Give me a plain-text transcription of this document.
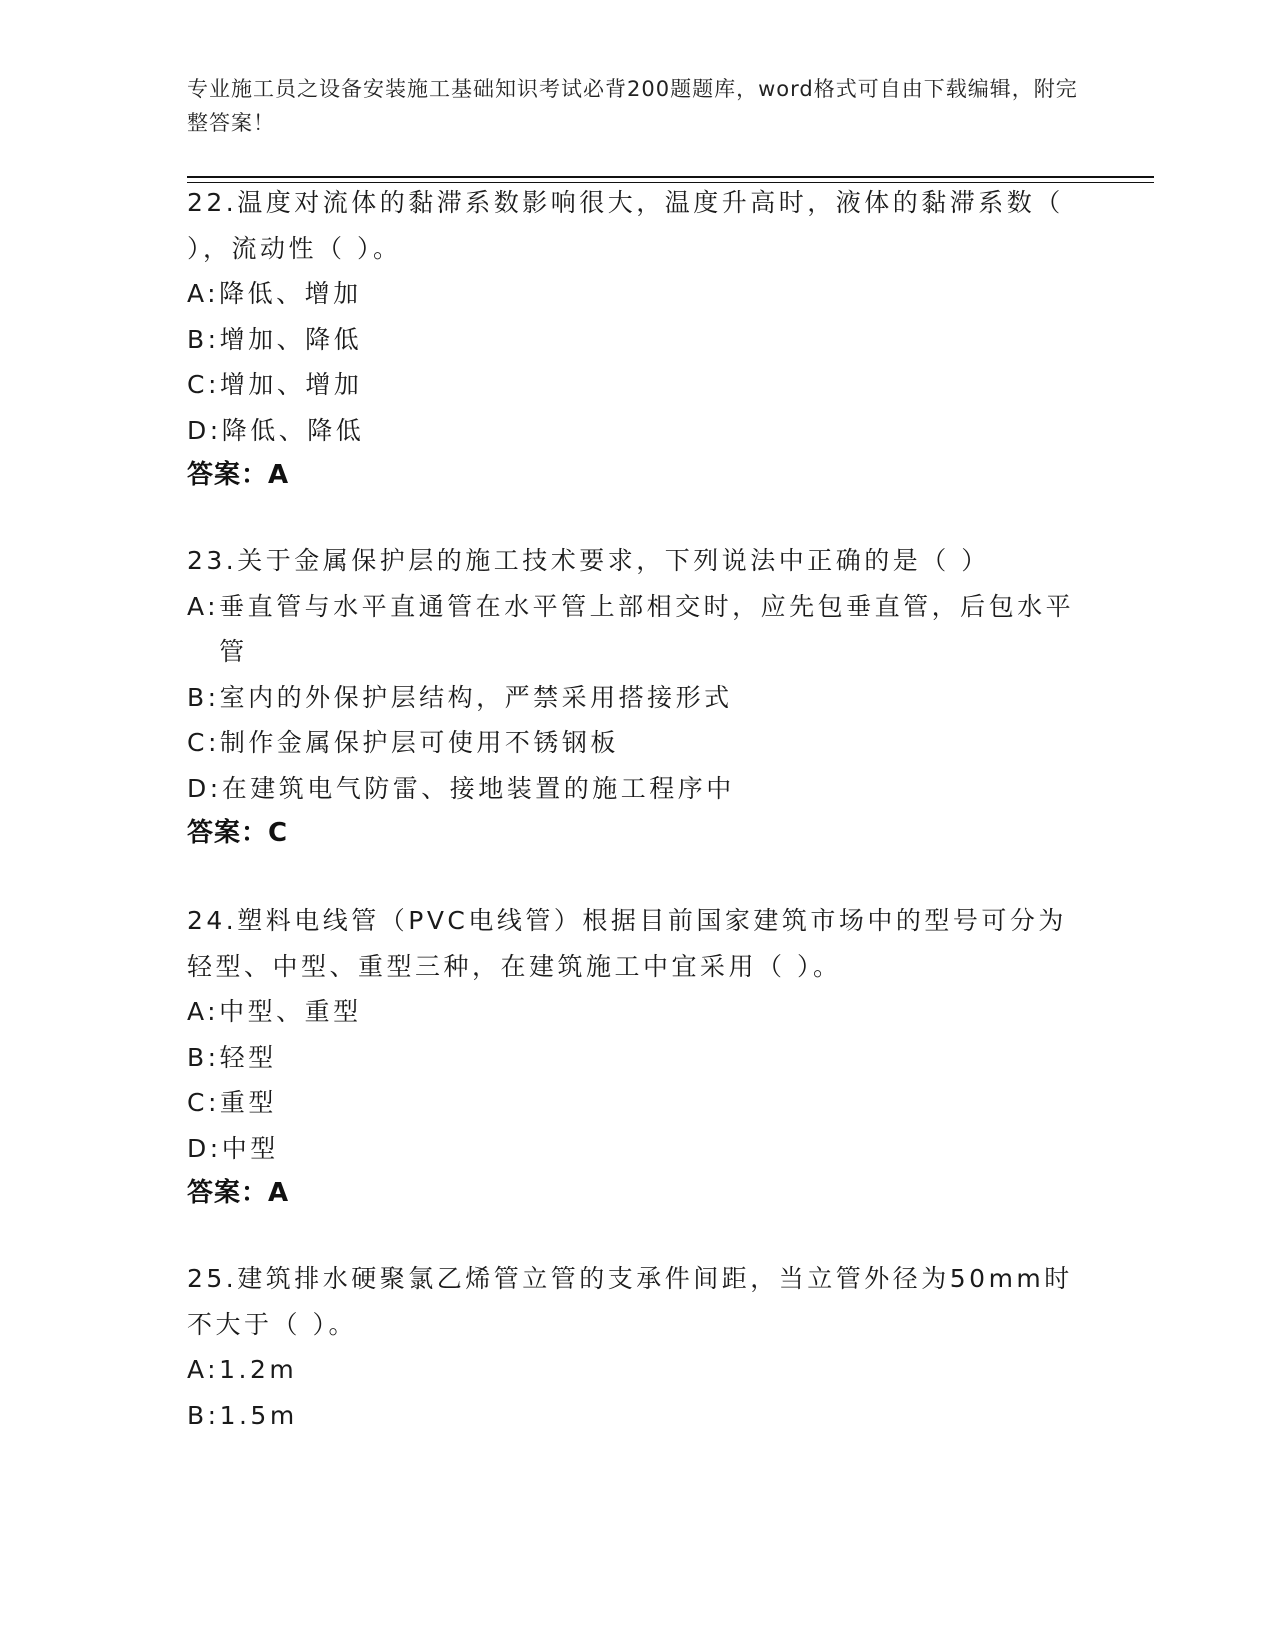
专业施工员之设备安装施工基础知识考试必背200题题库，word格式可自由下载编辑，附完整答案！

22.温度对流体的黏滞系数影响很大，温度升高时，液体的黏滞系数（ ），流动性（ ）。

A: 降低、增加

B: 增加、降低

C: 增加、增加

D: 降低、降低

答案：A

23.关于金属保护层的施工技术要求，下列说法中正确的是（ ）

A: 垂直管与水平直通管在水平管上部相交时，应先包垂直管，后包水平管

B: 室内的外保护层结构，严禁采用搭接形式

C: 制作金属保护层可使用不锈钢板

D: 在建筑电气防雷、接地装置的施工程序中

答案：C

24.塑料电线管（PVC电线管）根据目前国家建筑市场中的型号可分为轻型、中型、重型三种，在建筑施工中宜采用（ ）。

A: 中型、重型

B: 轻型

C: 重型

D: 中型

答案：A

25.建筑排水硬聚氯乙烯管立管的支承件间距，当立管外径为50mm时不大于（ ）。

A: 1.2m

B: 1.5m
